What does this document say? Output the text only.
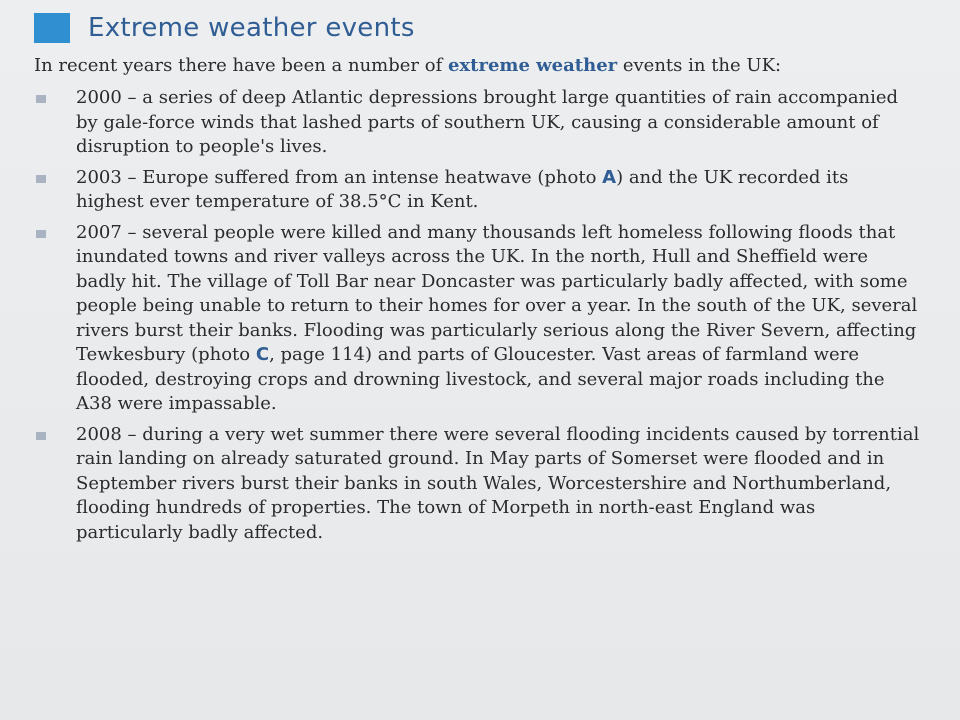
Extreme weather events

In recent years there have been a number of extreme weather events in the UK:

2000 – a series of deep Atlantic depressions brought large quantities of rain accompanied by gale-force winds that lashed parts of southern UK, causing a considerable amount of disruption to people's lives.
2003 – Europe suffered from an intense heatwave (photo A) and the UK recorded its highest ever temperature of 38.5°C in Kent.
2007 – several people were killed and many thousands left homeless following floods that inundated towns and river valleys across the UK. In the north, Hull and Sheffield were badly hit. The village of Toll Bar near Doncaster was particularly badly affected, with some people being unable to return to their homes for over a year. In the south of the UK, several rivers burst their banks. Flooding was particularly serious along the River Severn, affecting Tewkesbury (photo C, page 114) and parts of Gloucester. Vast areas of farmland were flooded, destroying crops and drowning livestock, and several major roads including the A38 were impassable.
2008 – during a very wet summer there were several flooding incidents caused by torrential rain landing on already saturated ground. In May parts of Somerset were flooded and in September rivers burst their banks in south Wales, Worcestershire and Northumberland, flooding hundreds of properties. The town of Morpeth in north-east England was particularly badly affected.
